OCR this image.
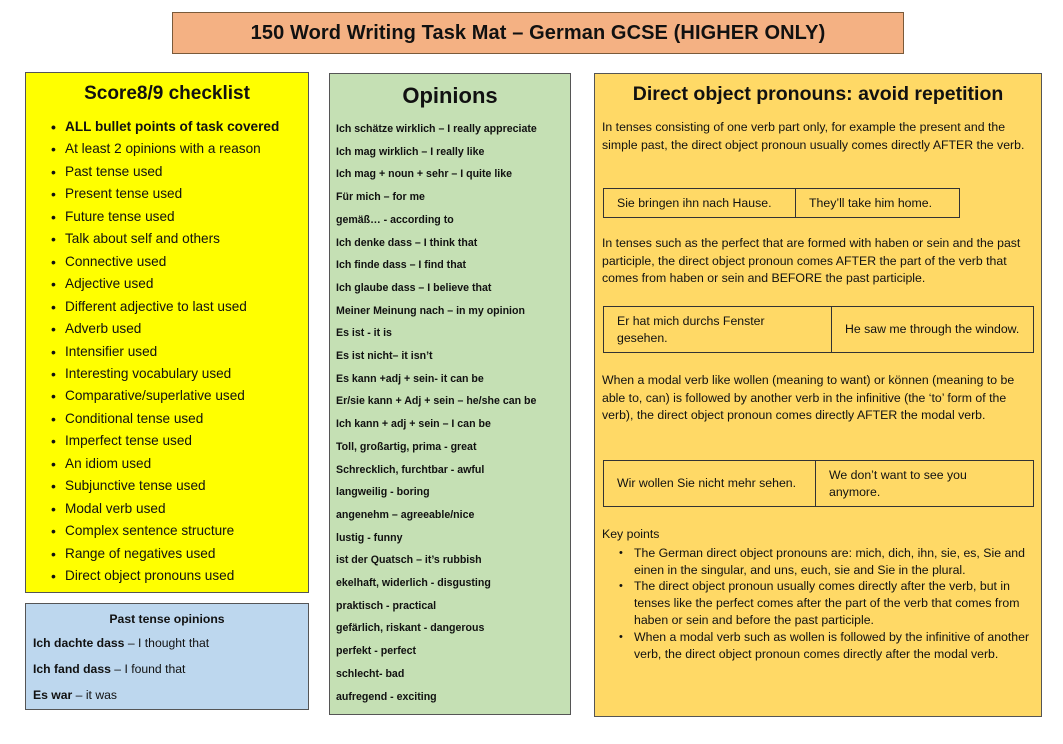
150 Word Writing Task Mat – German GCSE (HIGHER ONLY)
Score8/9 checklist
• ALL bullet points of task covered
• At least 2 opinions with a reason
• Past tense used
• Present tense used
• Future tense used
• Talk about self and others
• Connective used
• Adjective used
• Different adjective to last used
• Adverb used
• Intensifier used
• Interesting vocabulary used
• Comparative/superlative used
• Conditional tense used
• Imperfect tense used
• An idiom used
• Subjunctive tense used
• Modal verb used
• Complex sentence structure
• Range of negatives used
• Direct object pronouns used
Past tense opinions
Ich dachte dass – I thought that
Ich fand dass – I found that
Es war – it was
Opinions
Ich schätze wirklich – I really appreciate
Ich mag wirklich – I really like
Ich mag + noun + sehr – I quite like
Für mich – for me
gemäß… - according to
Ich denke dass – I think that
Ich finde dass – I find that
Ich glaube dass – I believe that
Meiner Meinung nach – in my opinion
Es ist - it is
Es ist nicht– it isn’t
Es kann +adj + sein- it can be
Er/sie kann + Adj + sein – he/she can be
Ich kann + adj + sein – I can be
Toll, großartig, prima - great
Schrecklich, furchtbar - awful
langweilig - boring
angenehm – agreeable/nice
lustig - funny
ist der Quatsch – it’s rubbish
ekelhaft, widerlich - disgusting
praktisch - practical
gefärlich, riskant - dangerous
perfekt - perfect
schlecht- bad
aufregend - exciting
Direct object pronouns: avoid repetition

In tenses consisting of one verb part only, for example the present and the simple past, the direct object pronoun usually comes directly AFTER the verb.

Sie bringen ihn nach Hause.	They’ll take him home.

In tenses such as the perfect that are formed with haben or sein and the past participle, the direct object pronoun comes AFTER the part of the verb that comes from haben or sein and BEFORE the past participle.

Er hat mich durchs Fenster gesehen.
He saw me through the window.

When a modal verb like wollen (meaning to want) or können (meaning to be able to, can) is followed by another verb in the infinitive (the ‘to’ form of the verb), the direct object pronoun comes directly AFTER the modal verb.

Wir wollen Sie nicht mehr sehen.
We don’t want to see you anymore.
Key points
• The German direct object pronouns are: mich, dich, ihn, sie, es, Sie and einen in the singular, and uns, euch, sie and Sie in the plural.
• The direct object pronoun usually comes directly after the verb, but in tenses like the perfect comes after the part of the verb that comes from haben or sein and before the past participle.
• When a modal verb such as wollen is followed by the infinitive of another verb, the direct object pronoun comes directly after the modal verb.
